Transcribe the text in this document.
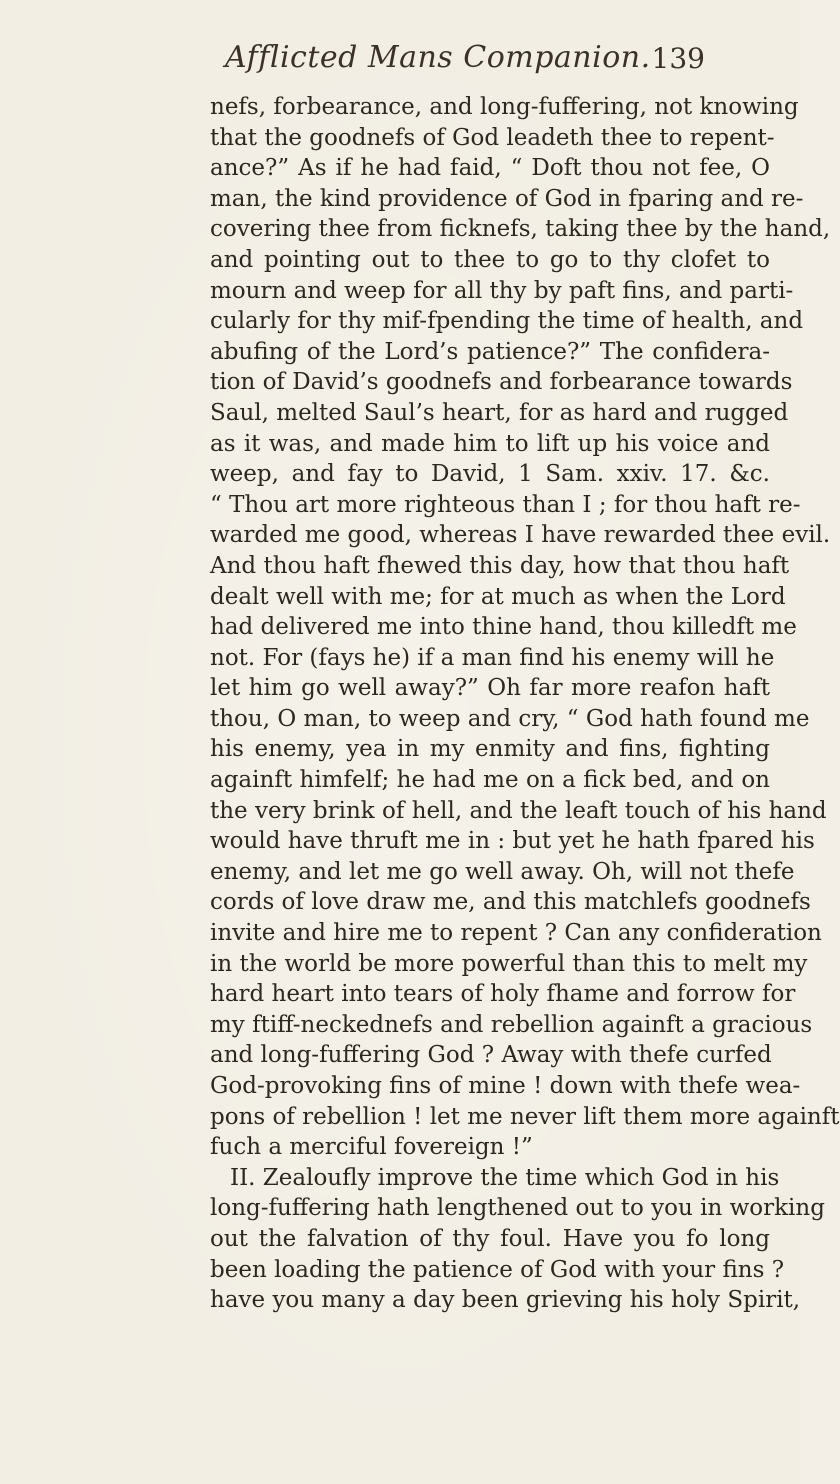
Afflicted Mans Companion. 139
nefs, forbearance, and long-fuffering, not knowing
that the goodnefs of God leadeth thee to repent-
ance?” As if he had faid, “ Doft thou not fee, O
man, the kind providence of God in fparing and re-
covering thee from ficknefs, taking thee by the hand,
and pointing out to thee to go to thy clofet to
mourn and weep for all thy by paft fins, and parti-
cularly for thy mif-fpending the time of health, and
abufing of the Lord’s patience?” The confidera-
tion of David’s goodnefs and forbearance towards
Saul, melted Saul’s heart, for as hard and rugged
as it was, and made him to lift up his voice and
weep, and fay to David, 1 Sam. xxiv. 17. &c.
“ Thou art more righteous than I ; for thou haft re-
warded me good, whereas I have rewarded thee evil.
And thou haft fhewed this day, how that thou haft
dealt well with me; for at much as when the Lord
had delivered me into thine hand, thou killedft me
not. For (fays he) if a man find his enemy will he
let him go well away?” Oh far more reafon haft
thou, O man, to weep and cry, “ God hath found me
his enemy, yea in my enmity and fins, fighting
againft himfelf; he had me on a fick bed, and on
the very brink of hell, and the leaft touch of his hand
would have thruft me in : but yet he hath fpared his
enemy, and let me go well away. Oh, will not thefe
cords of love draw me, and this matchlefs goodnefs
invite and hire me to repent ? Can any confideration
in the world be more powerful than this to melt my
hard heart into tears of holy fhame and forrow for
my ftiff-neckednefs and rebellion againft a gracious
and long-fuffering God ? Away with thefe curfed
God-provoking fins of mine ! down with thefe wea-
pons of rebellion ! let me never lift them more againft
fuch a merciful fovereign !”
II. Zealoufly improve the time which God in his
long-fuffering hath lengthened out to you in working
out the falvation of thy foul. Have you fo long
been loading the patience of God with your fins ?
have you many a day been grieving his holy Spirit,
